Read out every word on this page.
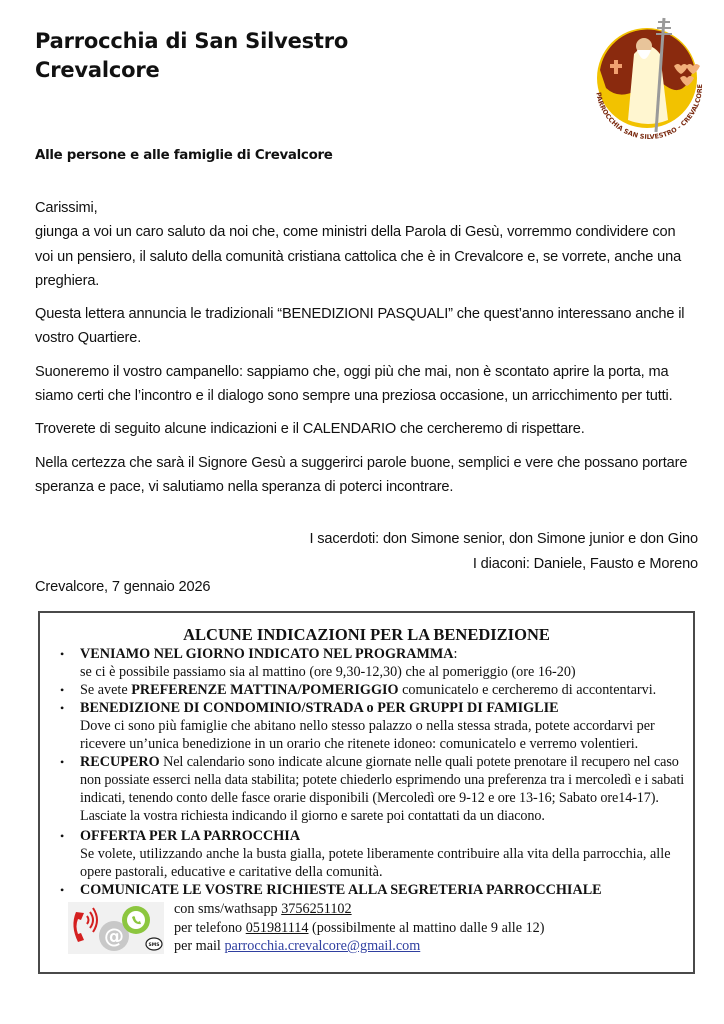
Parrocchia di San Silvestro
Crevalcore
PARROCCHIA SAN SILVESTRO - CREVALCORE
Alle persone e alle famiglie di Crevalcore

Carissimi,

giunga a voi un caro saluto da noi che, come ministri della Parola di Gesù, vorremmo condividere con voi un pensiero, il saluto della comunità cristiana cattolica che è in Crevalcore e, se vorrete, anche una preghiera.

Questa lettera annuncia le tradizionali “BENEDIZIONI PASQUALI” che quest’anno interessano anche il vostro Quartiere.

Suoneremo il vostro campanello: sappiamo che, oggi più che mai, non è scontato aprire la porta, ma siamo certi che l’incontro e il dialogo sono sempre una preziosa occasione, un arricchimento per tutti.

Troverete di seguito alcune indicazioni e il CALENDARIO che cercheremo di rispettare.

Nella certezza che sarà il Signore Gesù a suggerirci parole buone, semplici e vere che possano portare speranza e pace, vi salutiamo nella speranza di poterci incontrare.

I sacerdoti: don Simone senior, don Simone junior e don Gino
I diaconi: Daniele, Fausto e Moreno
Crevalcore, 7 gennaio 2026
ALCUNE INDICAZIONI PER LA BENEDIZIONE
• VENIAMO NEL GIORNO INDICATO NEL PROGRAMMA:
se ci è possibile passiamo sia al mattino (ore 9,30-12,30) che al pomeriggio (ore 16-20)
• Se avete PREFERENZE MATTINA/POMERIGGIO comunicatelo e cercheremo di accontentarvi.
• BENEDIZIONE DI CONDOMINIO/STRADA o PER GRUPPI DI FAMIGLIE
Dove ci sono più famiglie che abitano nello stesso palazzo o nella stessa strada, potete accordarvi per ricevere un’unica benedizione in un orario che ritenete idoneo: comunicatelo e verremo volentieri.
• RECUPERO Nel calendario sono indicate alcune giornate nelle quali potete prenotare il recupero nel caso non possiate esserci nella data stabilita; potete chiederlo esprimendo una preferenza tra i mercoledì e i sabati indicati, tenendo conto delle fasce orarie disponibili (Mercoledì ore 9-12 e ore 13-16; Sabato ore14-17). Lasciate la vostra richiesta indicando il giorno e sarete poi contattati da un diacono.
• OFFERTA PER LA PARROCCHIA
Se volete, utilizzando anche la busta gialla, potete liberamente contribuire alla vita della parrocchia, alle opere pastorali, educative e caritative della comunità.
• COMUNICATE LE VOSTRE RICHIESTE ALLA SEGRETERIA PARROCCHIALE
@	SMS
con sms/wathsapp 3756251102
per telefono 051981114 (possibilmente al mattino dalle 9 alle 12)
per mail parrocchia.crevalcore@gmail.com
